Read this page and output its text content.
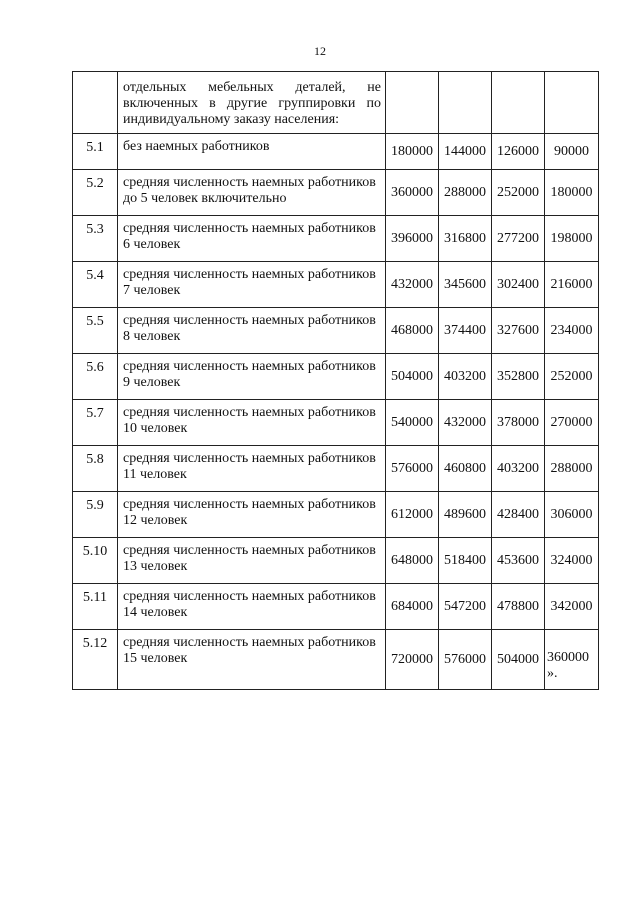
12
	отдельных мебельных деталей, не включенных в другие группировки по индивидуальному заказу населения:				
5.1	без наемных работников	180000	144000	126000	90000
5.2	средняя численность наемных работников до 5 человек включительно	360000	288000	252000	180000
5.3	средняя численность наемных работников 6 человек	396000	316800	277200	198000
5.4	средняя численность наемных работников 7 человек	432000	345600	302400	216000
5.5	средняя численность наемных работников 8 человек	468000	374400	327600	234000
5.6	средняя численность наемных работников 9 человек	504000	403200	352800	252000
5.7	средняя численность наемных работников 10 человек	540000	432000	378000	270000
5.8	средняя численность наемных работников 11 человек	576000	460800	403200	288000
5.9	средняя численность наемных работников 12 человек	612000	489600	428400	306000
5.10	средняя численность наемных работников 13 человек	648000	518400	453600	324000
5.11	средняя численность наемных работников 14 человек	684000	547200	478800	342000
5.12	средняя численность наемных работников 15 человек	720000	576000	504000	360000 ».
